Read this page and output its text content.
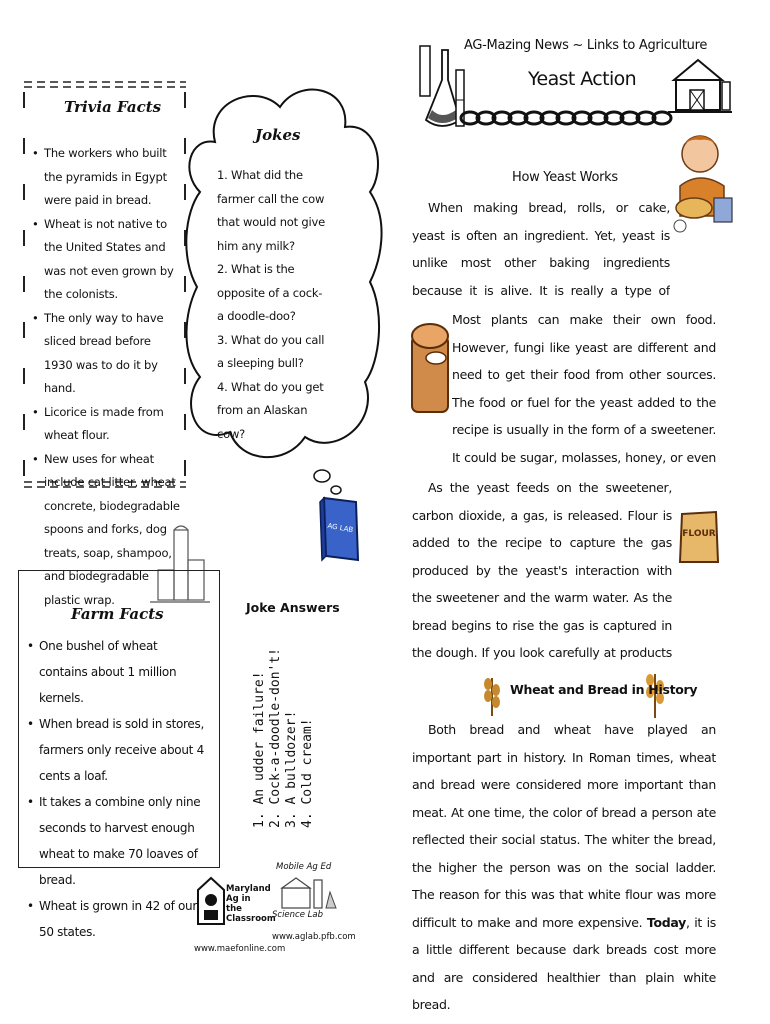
Trivia Facts
• The workers who built the pyramids in Egypt were paid in bread.
• Wheat is not native to the United States and was not even grown by the colonists.
• The only way to have sliced bread before 1930 was to do it by hand.
• Licorice is made from wheat flour.
• New uses for wheat include cat litter, wheat concrete, biodegradable spoons and forks, dog treats, soap, shampoo, and biodegradable plastic wrap.
Jokes
1. What did the farmer call the cow that would not give him any milk?
2. What is the opposite of a cock-a doodle-doo?
3. What do you call a sleeping bull?
4. What do you get from an Alaskan cow?
AG LAB
Farm Facts
• One bushel of wheat contains about 1 million kernels.
• When bread is sold in stores, farmers only receive about 4 cents a loaf.
• It takes a combine only nine seconds to harvest enough wheat to make 70 loaves of bread.
• Wheat is grown in 42 of our 50 states.
Joke Answers
1. An udder failure! 2. Cock-a-doodle-don't! 3. A bulldozer! 4. Cold cream!
Maryland Ag in the Classroom
www.maefonline.com
Mobile Ag Ed
Science Lab
www.aglab.pfb.com
AG-Mazing News ~ Links to Agriculture
Yeast Action
How Yeast Works
When making bread, rolls, or cake, yeast is often an ingredient. Yet, yeast is unlike most other baking ingredients because it is alive. It is really a type of
FLOUR
Most plants can make their own food. However, fungi like yeast are different and need to get their food from other sources. The food or fuel for the yeast added to the recipe is usually in the form of a sweetener. It could be sugar, molasses, honey, or even
As the yeast feeds on the sweetener, carbon dioxide, a gas, is released. Flour is added to the recipe to capture the gas produced by the yeast's interaction with the sweetener and the warm water. As the bread begins to rise the gas is captured in the dough. If you look carefully at products
Wheat and Bread in History
Both bread and wheat have played an important part in history. In Roman times, wheat and bread were considered more important than meat. At one time, the color of bread a person ate reflected their social status. The whiter the bread, the higher the person was on the social ladder. The reason for this was that white flour was more difficult to make and more expensive. Today, it is a little different because dark breads cost more and are considered healthier than plain white bread.
